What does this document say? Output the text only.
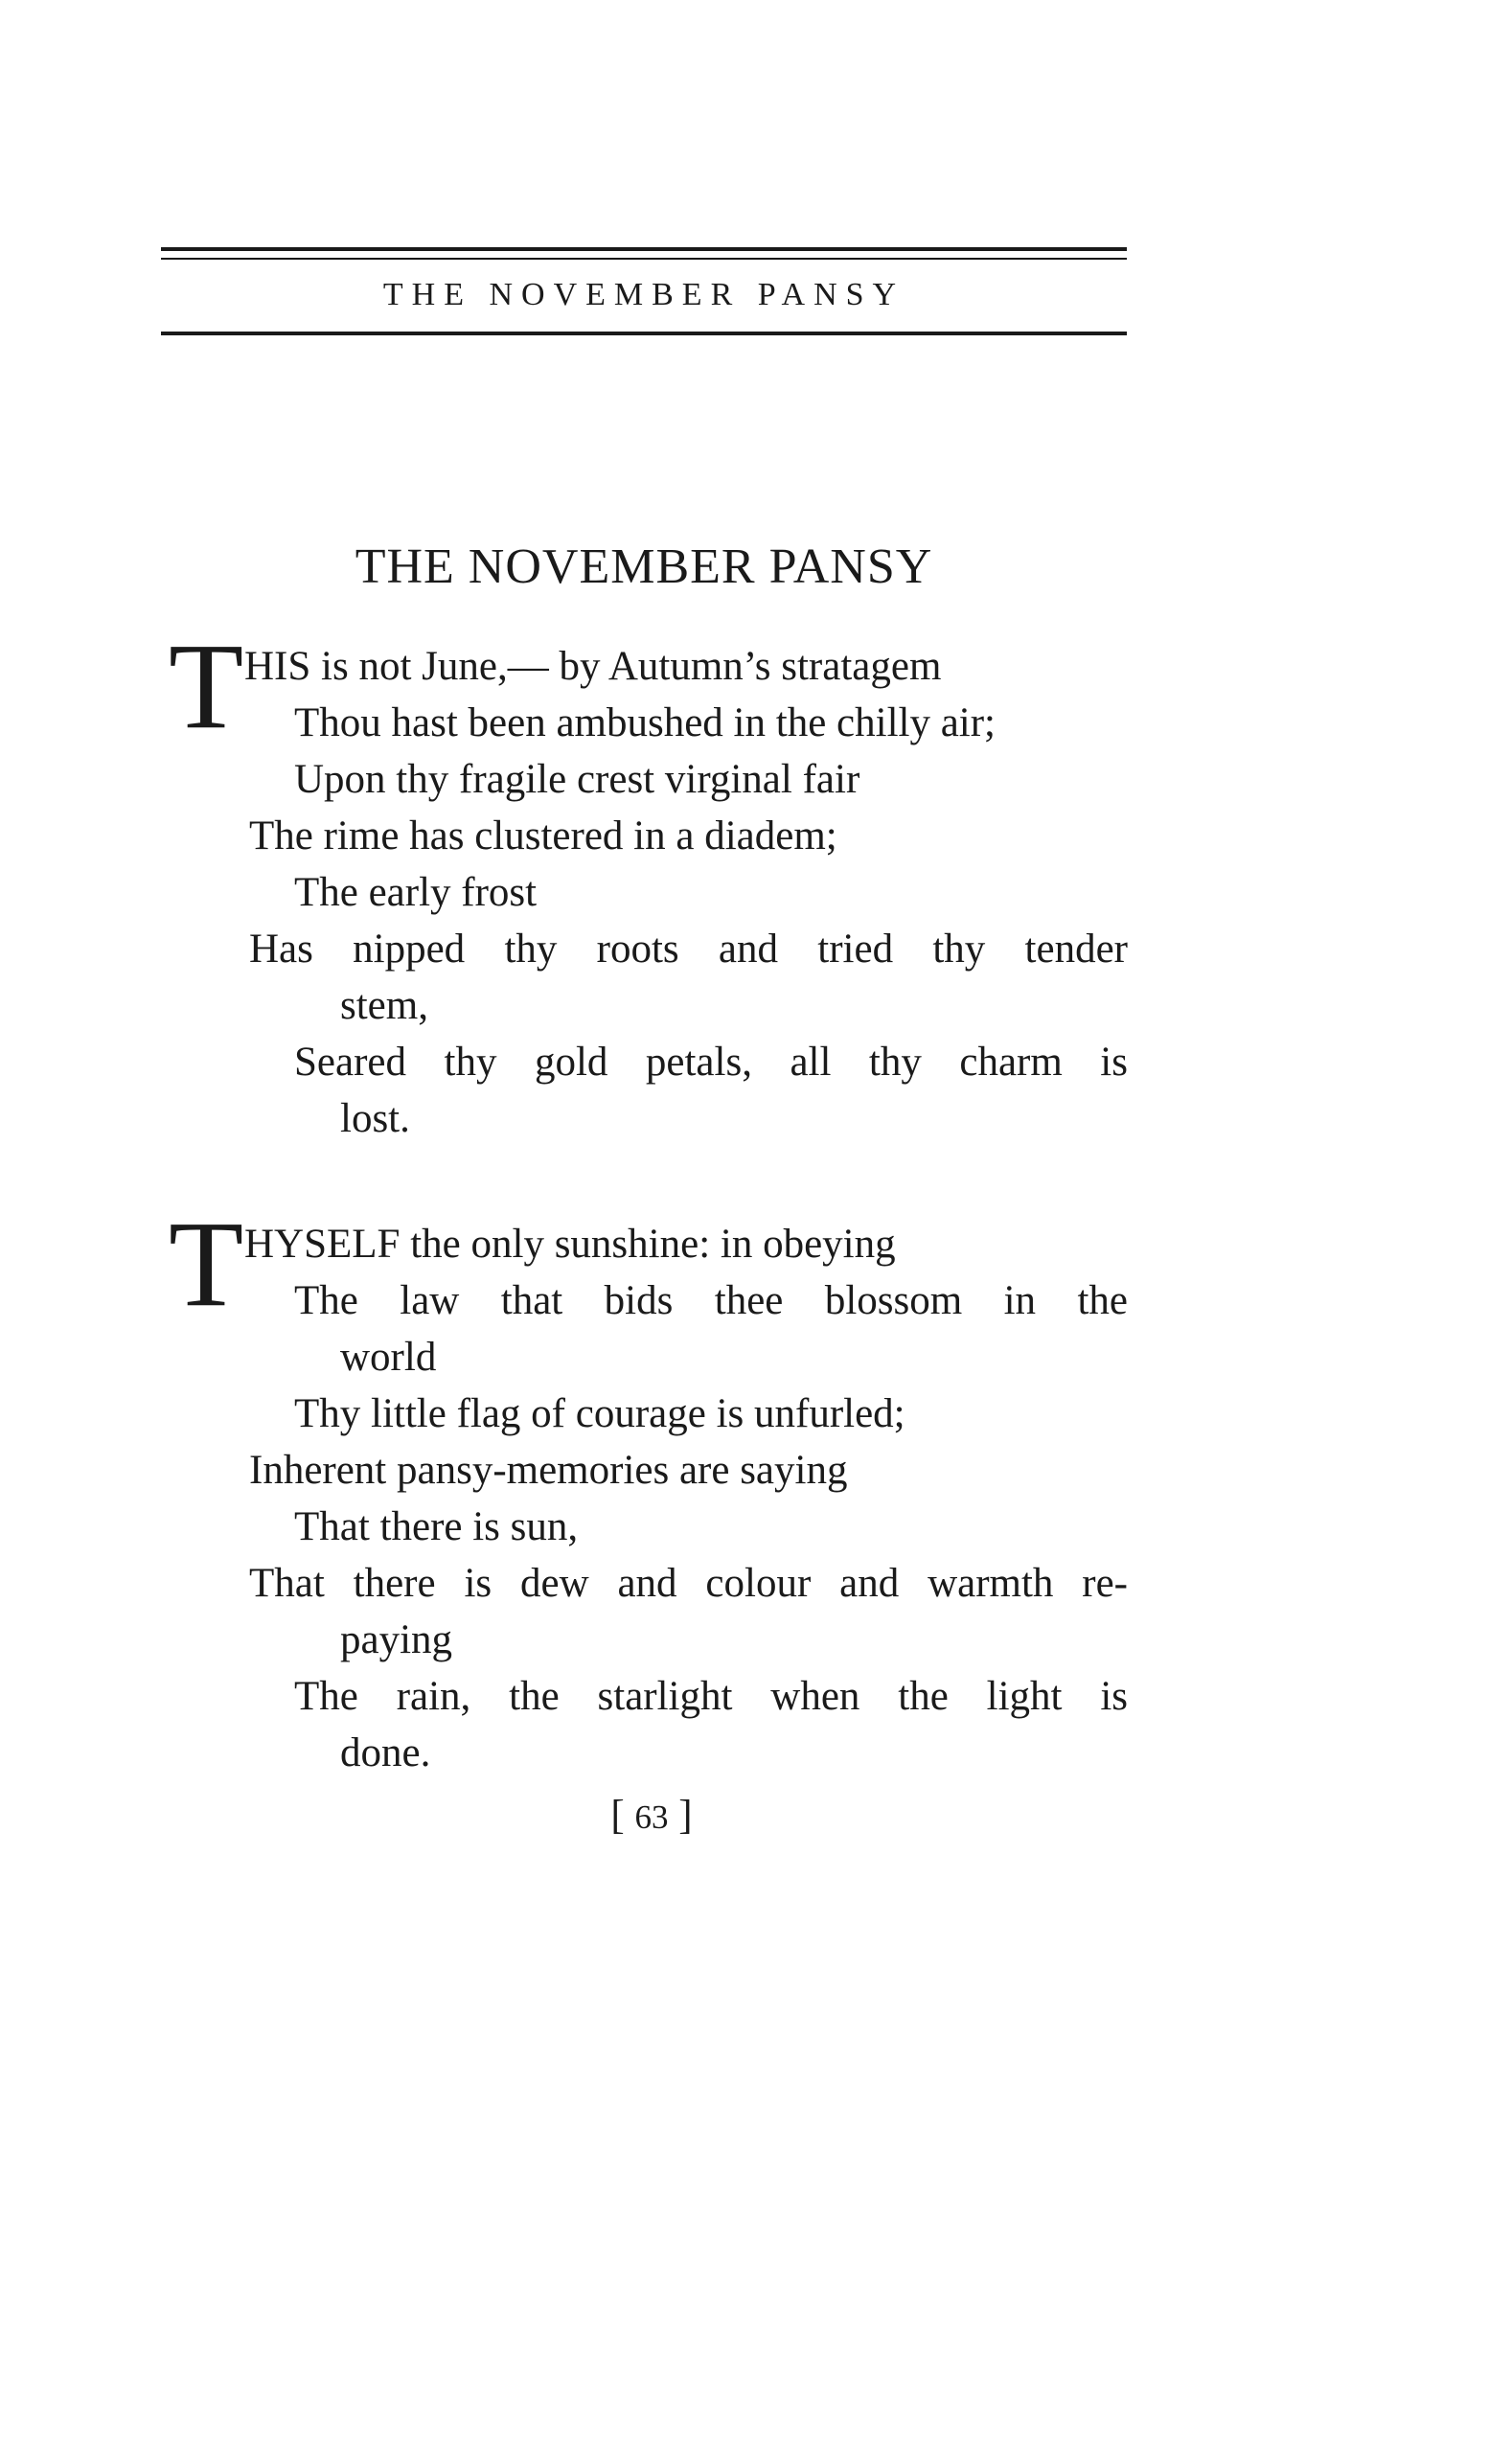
THE NOVEMBER PANSY
THE NOVEMBER PANSY
T HIS is not June,— by Autumn’s stratagem
Thou hast been ambushed in the chilly air;
Upon thy fragile crest virginal fair
The rime has clustered in a diadem;
The early frost
Has nipped thy roots and tried thy tender
stem,
Seared thy gold petals, all thy charm is
lost.
T HYSELF the only sunshine: in obeying
The law that bids thee blossom in the
world
Thy little flag of courage is unfurled;
Inherent pansy-memories are saying
That there is sun,
That there is dew and colour and warmth re-
paying
The rain, the starlight when the light is
done.
[ 63 ]
